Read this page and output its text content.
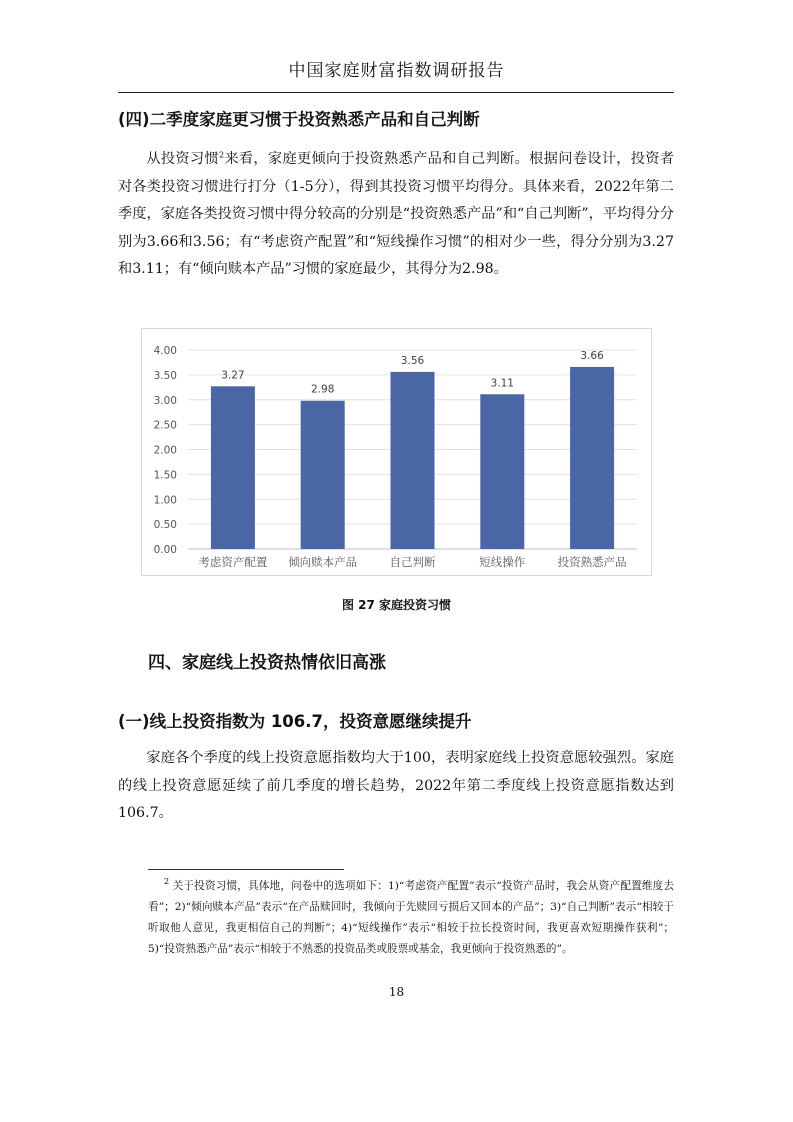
中国家庭财富指数调研报告
(四)二季度家庭更习惯于投资熟悉产品和自己判断
从投资习惯$^2$来看，家庭更倾向于投资熟悉产品和自己判断。根据问卷设计，投资者对各类投资习惯进行打分（1-5分），得到其投资习惯平均得分。具体来看，2022年第二季度，家庭各类投资习惯中得分较高的分别是“投资熟悉产品”和“自己判断”，平均得分分别为3.66和3.56；有“考虑资产配置”和“短线操作习惯”的相对少一些，得分分别为3.27和3.11；有“倾向赎本产品”习惯的家庭最少，其得分为2.98。
0.00
0.50
1.00
1.50
2.00
2.50
3.00
3.50
4.00
3.27
2.98
3.56
3.11
3.66
考虑资产配置 倾向赎本产品	自己判断	短线操作	投资熟悉产品
图 27 家庭投资习惯
四、家庭线上投资热情依旧高涨
(一)线上投资指数为 106.7，投资意愿继续提升
家庭各个季度的线上投资意愿指数均大于100，表明家庭线上投资意愿较强烈。家庭的线上投资意愿延续了前几季度的增长趋势，2022年第二季度线上投资意愿指数达到106.7。
$^2$ 关于投资习惯，具体地，问卷中的选项如下：1)“考虑资产配置”表示“投资产品时，我会从资产配置维度去看”；2)“倾向赎本产品”表示“在产品赎回时，我倾向于先赎回亏损后又回本的产品”；3)“自己判断”表示“相较于听取他人意见，我更相信自己的判断”；4)“短线操作”表示“相较于拉长投资时间，我更喜欢短期操作获利”；5)“投资熟悉产品”表示“相较于不熟悉的投资品类或股票或基金，我更倾向于投资熟悉的”。
18
